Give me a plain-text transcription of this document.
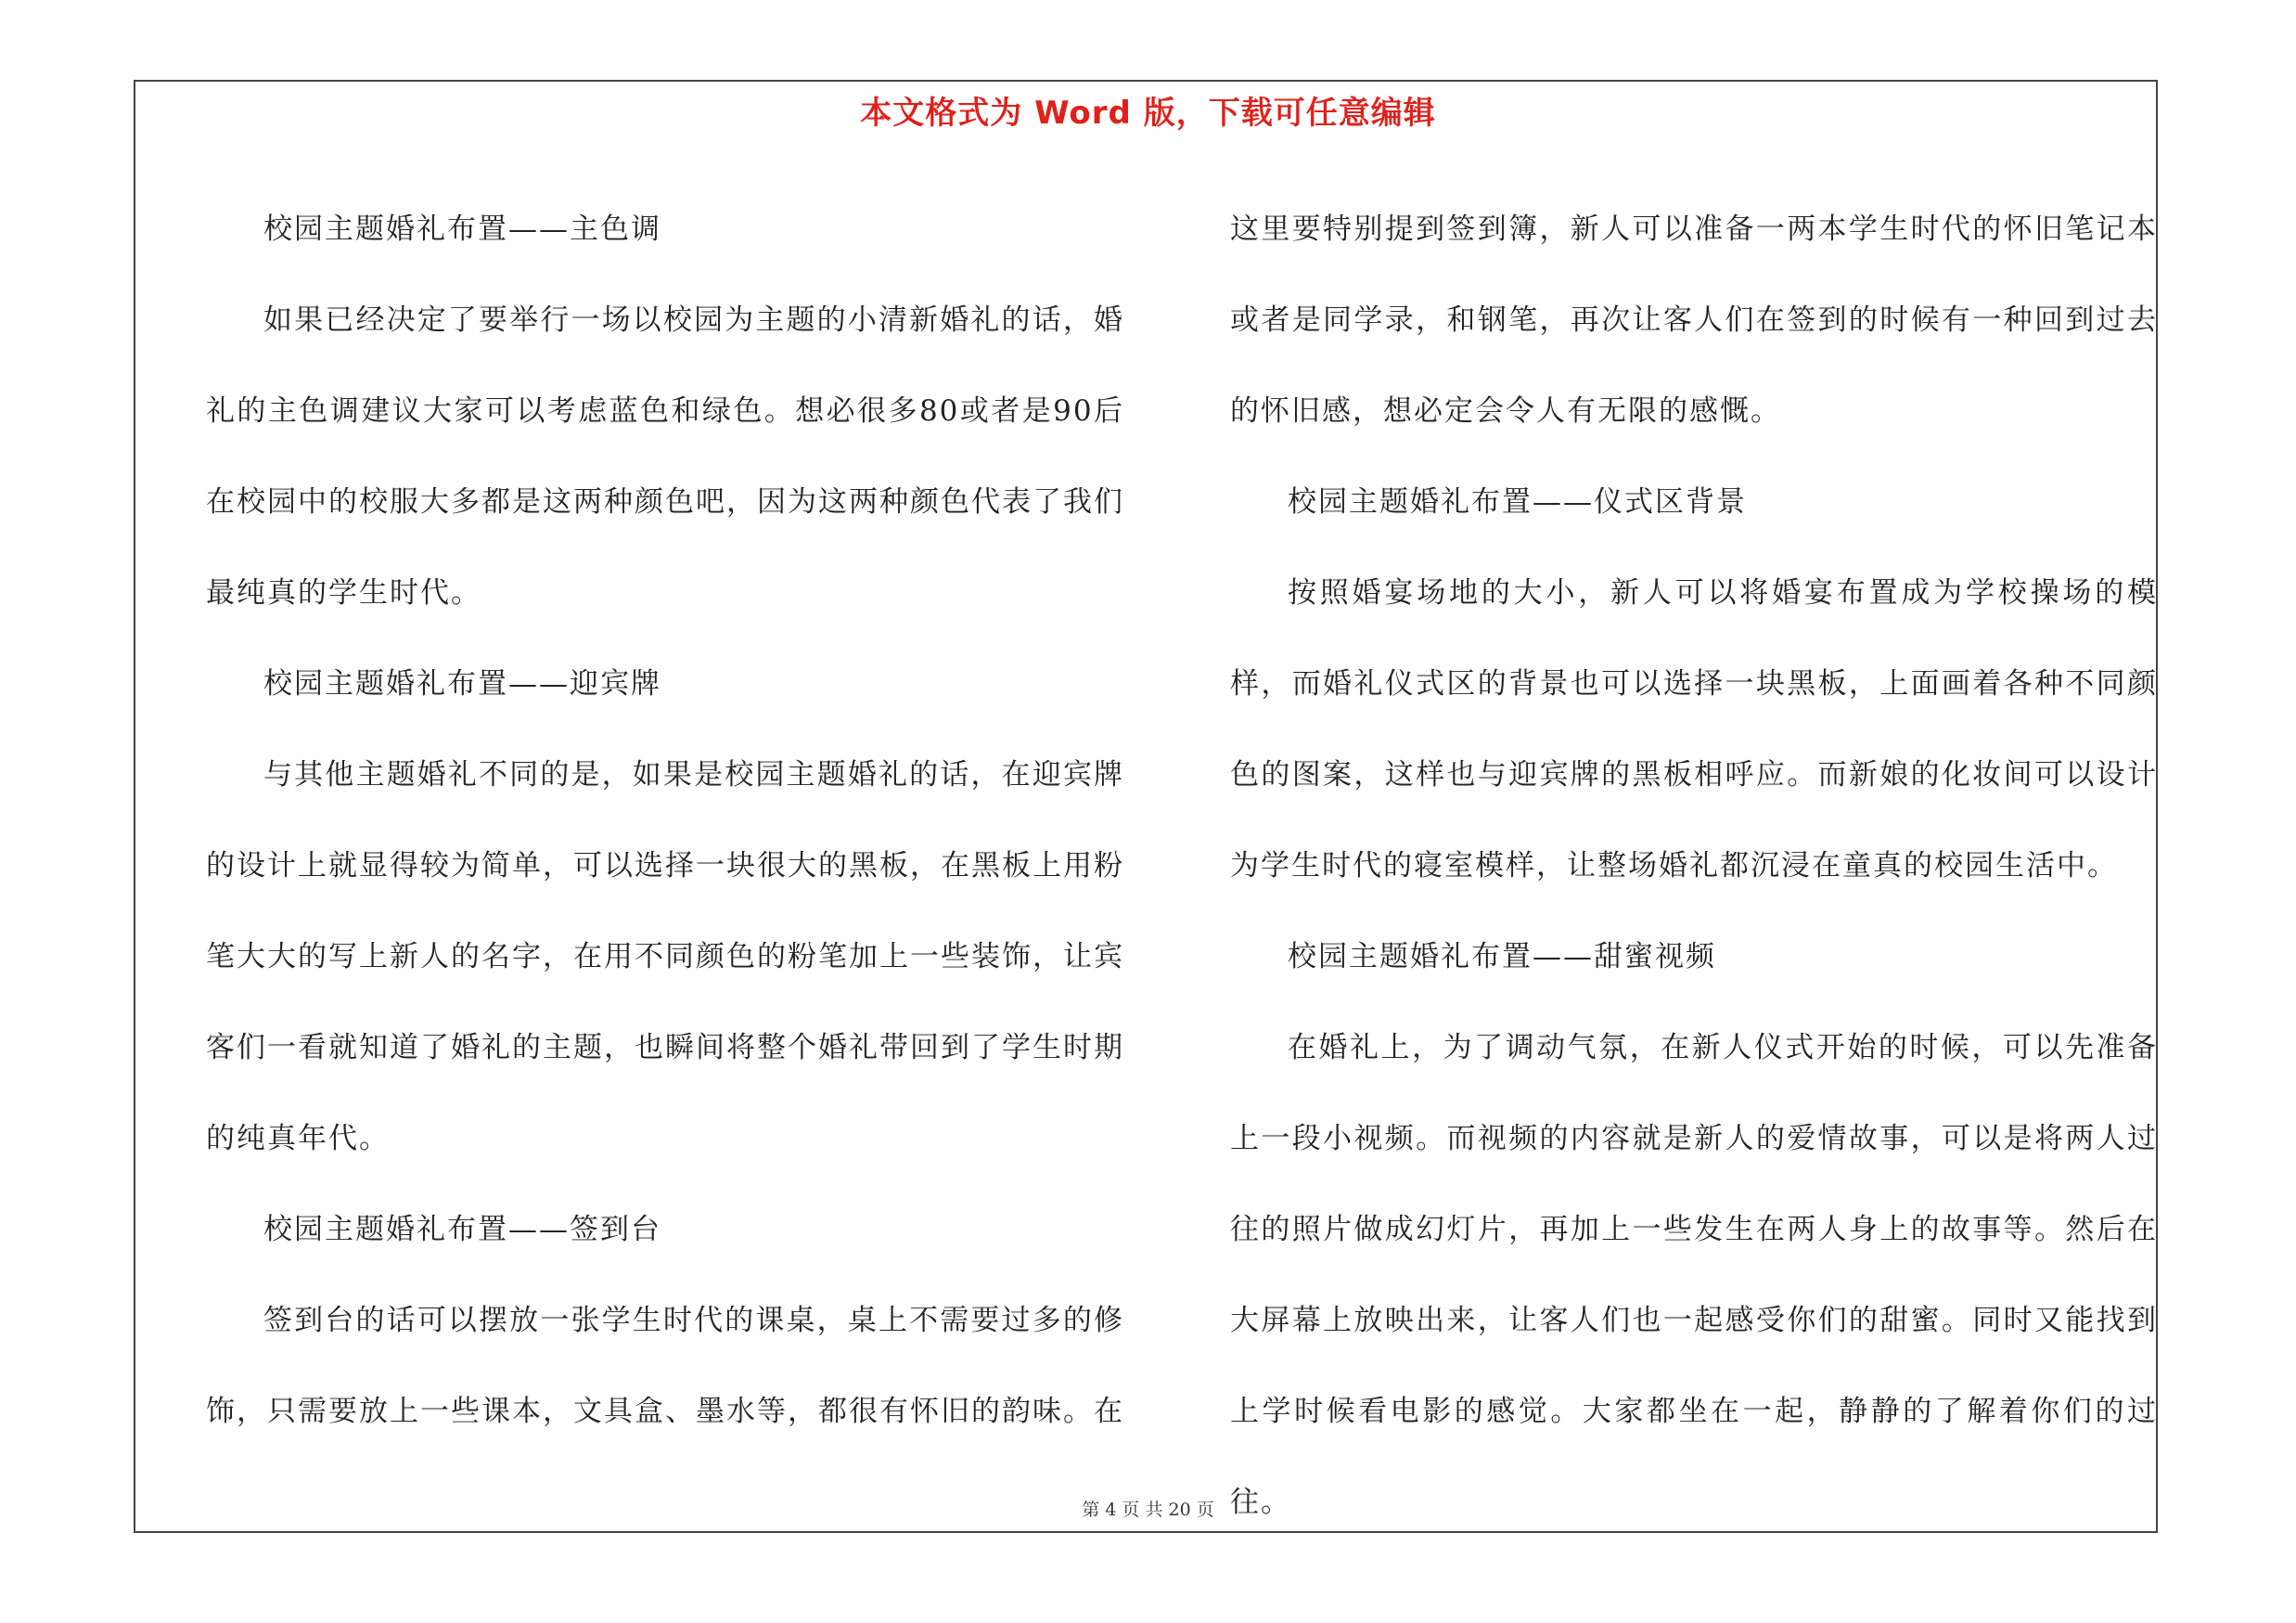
本文格式为 Word 版，下载可任意编辑

校园主题婚礼布置——主色调

如果已经决定了要举行一场以校园为主题的小清新婚礼的话，婚礼的主色调建议大家可以考虑蓝色和绿色。想必很多80或者是90后在校园中的校服大多都是这两种颜色吧，因为这两种颜色代表了我们最纯真的学生时代。

校园主题婚礼布置——迎宾牌

与其他主题婚礼不同的是，如果是校园主题婚礼的话，在迎宾牌的设计上就显得较为简单，可以选择一块很大的黑板，在黑板上用粉笔大大的写上新人的名字，在用不同颜色的粉笔加上一些装饰，让宾客们一看就知道了婚礼的主题，也瞬间将整个婚礼带回到了学生时期的纯真年代。

校园主题婚礼布置——签到台

签到台的话可以摆放一张学生时代的课桌，桌上不需要过多的修饰，只需要放上一些课本，文具盒、墨水等，都很有怀旧的韵味。在

这里要特别提到签到簿，新人可以准备一两本学生时代的怀旧笔记本或者是同学录，和钢笔，再次让客人们在签到的时候有一种回到过去的怀旧感，想必定会令人有无限的感慨。

校园主题婚礼布置——仪式区背景

按照婚宴场地的大小，新人可以将婚宴布置成为学校操场的模样，而婚礼仪式区的背景也可以选择一块黑板，上面画着各种不同颜色的图案，这样也与迎宾牌的黑板相呼应。而新娘的化妆间可以设计为学生时代的寝室模样，让整场婚礼都沉浸在童真的校园生活中。

校园主题婚礼布置——甜蜜视频

在婚礼上，为了调动气氛，在新人仪式开始的时候，可以先准备上一段小视频。而视频的内容就是新人的爱情故事，可以是将两人过往的照片做成幻灯片，再加上一些发生在两人身上的故事等。然后在大屏幕上放映出来，让客人们也一起感受你们的甜蜜。同时又能找到上学时候看电影的感觉。大家都坐在一起，静静的了解着你们的过往。

第 4 页 共 20 页
